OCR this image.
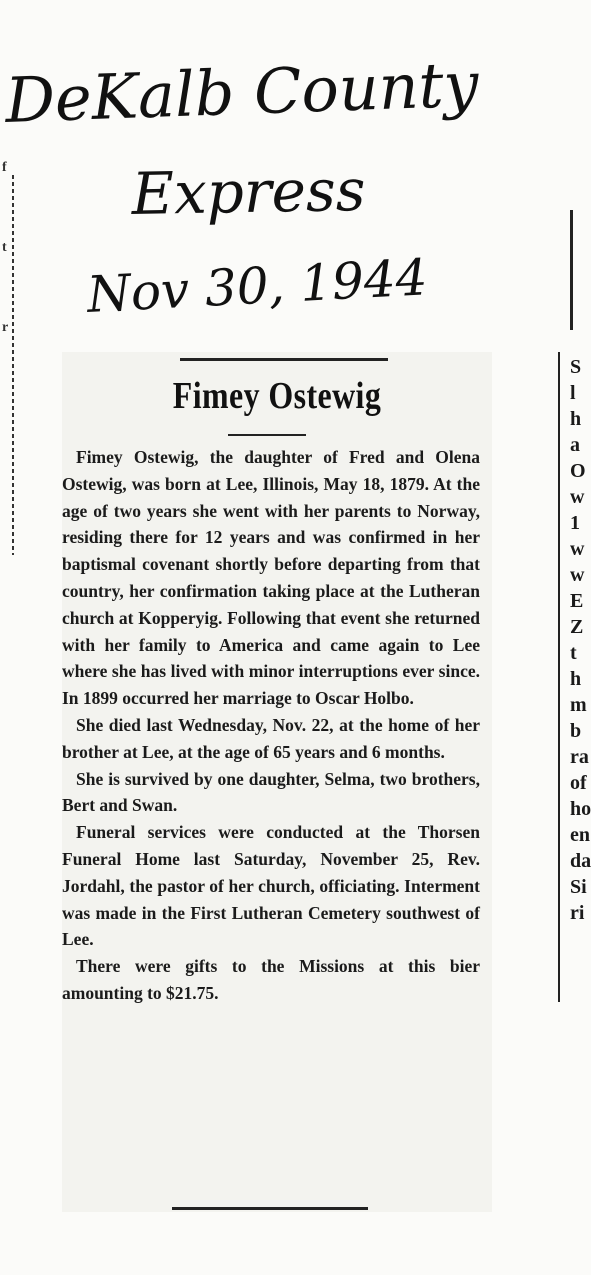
DeKalb County
Express
Nov 30, 1944
f
t
r
Fimey Ostewig

Fimey Ostewig, the daughter of Fred and Olena Ostewig, was born at Lee, Illinois, May 18, 1879. At the age of two years she went with her parents to Norway, residing there for 12 years and was confirmed in her baptismal covenant shortly before departing from that country, her confirmation taking place at the Lutheran church at Kopperyig. Following that event she returned with her family to America and came again to Lee where she has lived with minor interruptions ever since. In 1899 occurred her marriage to Oscar Holbo.

She died last Wednesday, Nov. 22, at the home of her brother at Lee, at the age of 65 years and 6 months.

She is survived by one daughter, Selma, two brothers, Bert and Swan.

Funeral services were conducted at the Thorsen Funeral Home last Saturday, November 25, Rev. Jordahl, the pastor of her church, officiating. Interment was made in the First Lutheran Cemetery southwest of Lee.

There were gifts to the Missions at this bier amounting to $21.75.

S
l
h
a
O
w
1
w
w
E
Z
t
h
m
b
ra
of
ho
en
da
Si
ri
